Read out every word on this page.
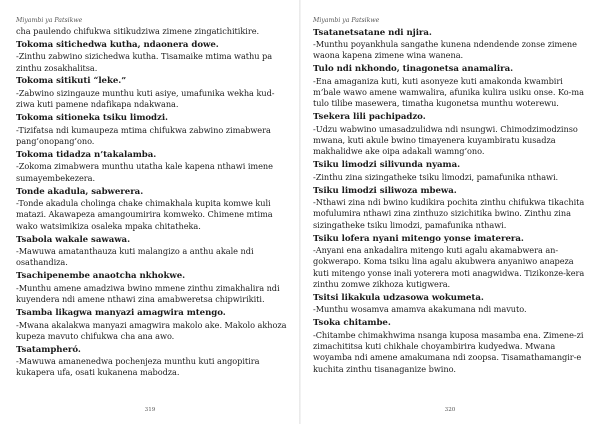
Miyambi ya Patsikwe
cha paulendo chifukwa sitikudziwa zimene zingatichitikire.
Tokoma sitichedwa kutha, ndaonera dowe.
-Zinthu zabwino sizichedwa kutha. Tisamaike mtima wathu pa zinthu zosakhalitsa.
Tokoma sitikuti “leke.”
-Zabwino sizingauze munthu kuti asiye, umafunika wekha kud-ziwa kuti pamene ndafikapa ndakwana.
Tokoma sitioneka tsiku limodzi.
-Tizifatsa ndi kumaupeza mtima chifukwa zabwino zimabwera pang’onopang’ono.
Tokoma tidadza n’takalamba.
-Zokoma zimabwera munthu utatha kale kapena nthawi imene sumayembekezera.
Tonde akadula, sabwerera.
-Tonde akadula cholinga chake chimakhala kupita komwe kuli matazi. Akawapeza amangoumirira komweko. Chimene mtima wako watsimikiza osaleka mpaka chitatheka.
Tsabola wakale sawawa.
-Mawuwa amatanthauza kuti malangizo a anthu akale ndi osathandiza.
Tsachipenembe anaotcha nkhokwe.
-Munthu amene amadziwa bwino mmene zinthu zimakhalira ndi kuyendera ndi amene nthawi zina amabweretsa chipwirikiti.
Tsamba likagwa manyazi amagwira mtengo.
-Mwana akalakwa manyazi amagwira makolo ake. Makolo akhoza kupeza mavuto chifukwa cha ana awo.
Tsatampheró.
-Mawuwa amanenedwa pochenjeza munthu kuti angopitira kukapera ufa, osati kukanena mabodza.
319
Miyambi ya Patsikwe
Tsatanetsatane ndi njira.
-Munthu poyankhula sangathe kunena ndendende zonse zimene waona kapena zimene wina wanena.
Tulo ndi nkhondo, tinagonetsa anamalira.
-Ena amaganiza kuti, kuti asonyeze kuti amakonda kwambiri m’bale wawo amene wamwalira, afunika kulira usiku onse. Ko-ma tulo tilibe masewera, timatha kugonetsa munthu woterewu.
Tsekera lili pachipadzo.
-Udzu wabwino umasadzulidwa ndi nsungwi. Chimodzimodzinso mwana, kuti akule bwino timayenera kuyambiratu kusadza makhalidwe ake oipa adakali wamng’ono.
Tsiku limodzi silivunda nyama.
-Zinthu zina sizingatheke tsiku limodzi, pamafunika nthawi.
Tsiku limodzi siliwoza mbewa.
-Nthawi zina ndi bwino kudikira pochita zinthu chifukwa tikachita mofulumira nthawi zina zinthuzo sizichitika bwino. Zinthu zina sizingatheke tsiku limodzi, pamafunika nthawi.
Tsiku lofera nyani mitengo yonse imaterera.
-Anyani ena ankadalira mitengo kuti agalu akamabwera an-gokwerapo. Koma tsiku lina agalu akubwera anyaniwo anapeza kuti mitengo yonse inali yoterera moti anagwidwa. Tizikonze-kera zinthu zomwe zikhoza kutigwera.
Tsitsi likakula udzasowa wokumeta.
-Munthu wosamva amamva akakumana ndi mavuto.
Tsoka chitambe.
-Chitambe chimakhwima nsanga kuposa masamba ena. Zimene-zi zimachititsa kuti chikhale choyambirira kudyedwa. Mwana woyamba ndi amene amakumana ndi zoopsa. Tisamathamangir-e kuchita zinthu tisanaganize bwino.
320
